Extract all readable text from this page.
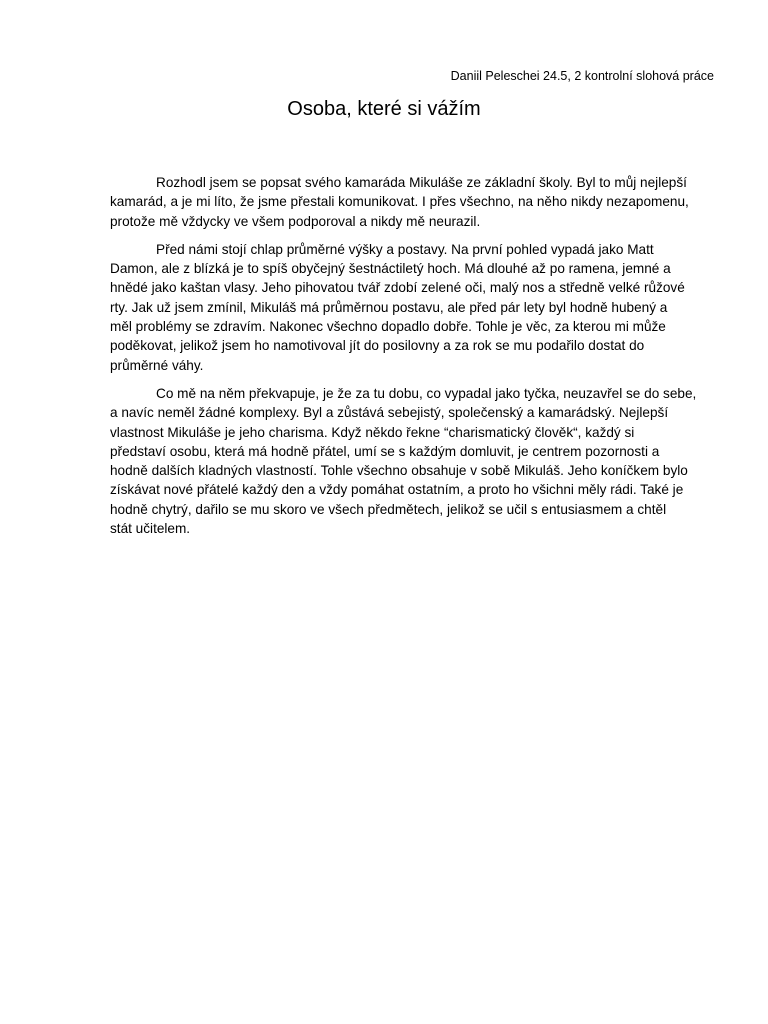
Daniil Peleschei 24.5, 2 kontrolní slohová práce
Osoba, které si vážím

Rozhodl jsem se popsat svého kamaráda Mikuláše ze základní školy. Byl to můj nejlepší
kamarád, a je mi líto, že jsme přestali komunikovat. I přes všechno, na něho nikdy nezapomenu,
protože mě vždycky ve všem podporoval a nikdy mě neurazil.

Před námi stojí chlap průměrné výšky a postavy. Na první pohled vypadá jako Matt
Damon, ale z blízká je to spíš obyčejný šestnáctiletý hoch. Má dlouhé až po ramena, jemné a
hnědé jako kaštan vlasy. Jeho pihovatou tvář zdobí zelené oči, malý nos a středně velké růžové
rty. Jak už jsem zmínil, Mikuláš má průměrnou postavu, ale před pár lety byl hodně hubený a
měl problémy se zdravím. Nakonec všechno dopadlo dobře. Tohle je věc, za kterou mi může
poděkovat, jelikož jsem ho namotivoval jít do posilovny a za rok se mu podařilo dostat do
průměrné váhy.

Co mě na něm překvapuje, je že za tu dobu, co vypadal jako tyčka, neuzavřel se do sebe,
a navíc neměl žádné komplexy. Byl a zůstává sebejistý, společenský a kamarádský. Nejlepší
vlastnost Mikuláše je jeho charisma. Když někdo řekne “charismatický člověk“, každý si
představí osobu, která má hodně přátel, umí se s každým domluvit, je centrem pozornosti a
hodně dalších kladných vlastností. Tohle všechno obsahuje v sobě Mikuláš. Jeho koníčkem bylo
získávat nové přátelé každý den a vždy pomáhat ostatním, a proto ho všichni měly rádi. Také je
hodně chytrý, dařilo se mu skoro ve všech předmětech, jelikož se učil s entusiasmem a chtěl
stát učitelem.
